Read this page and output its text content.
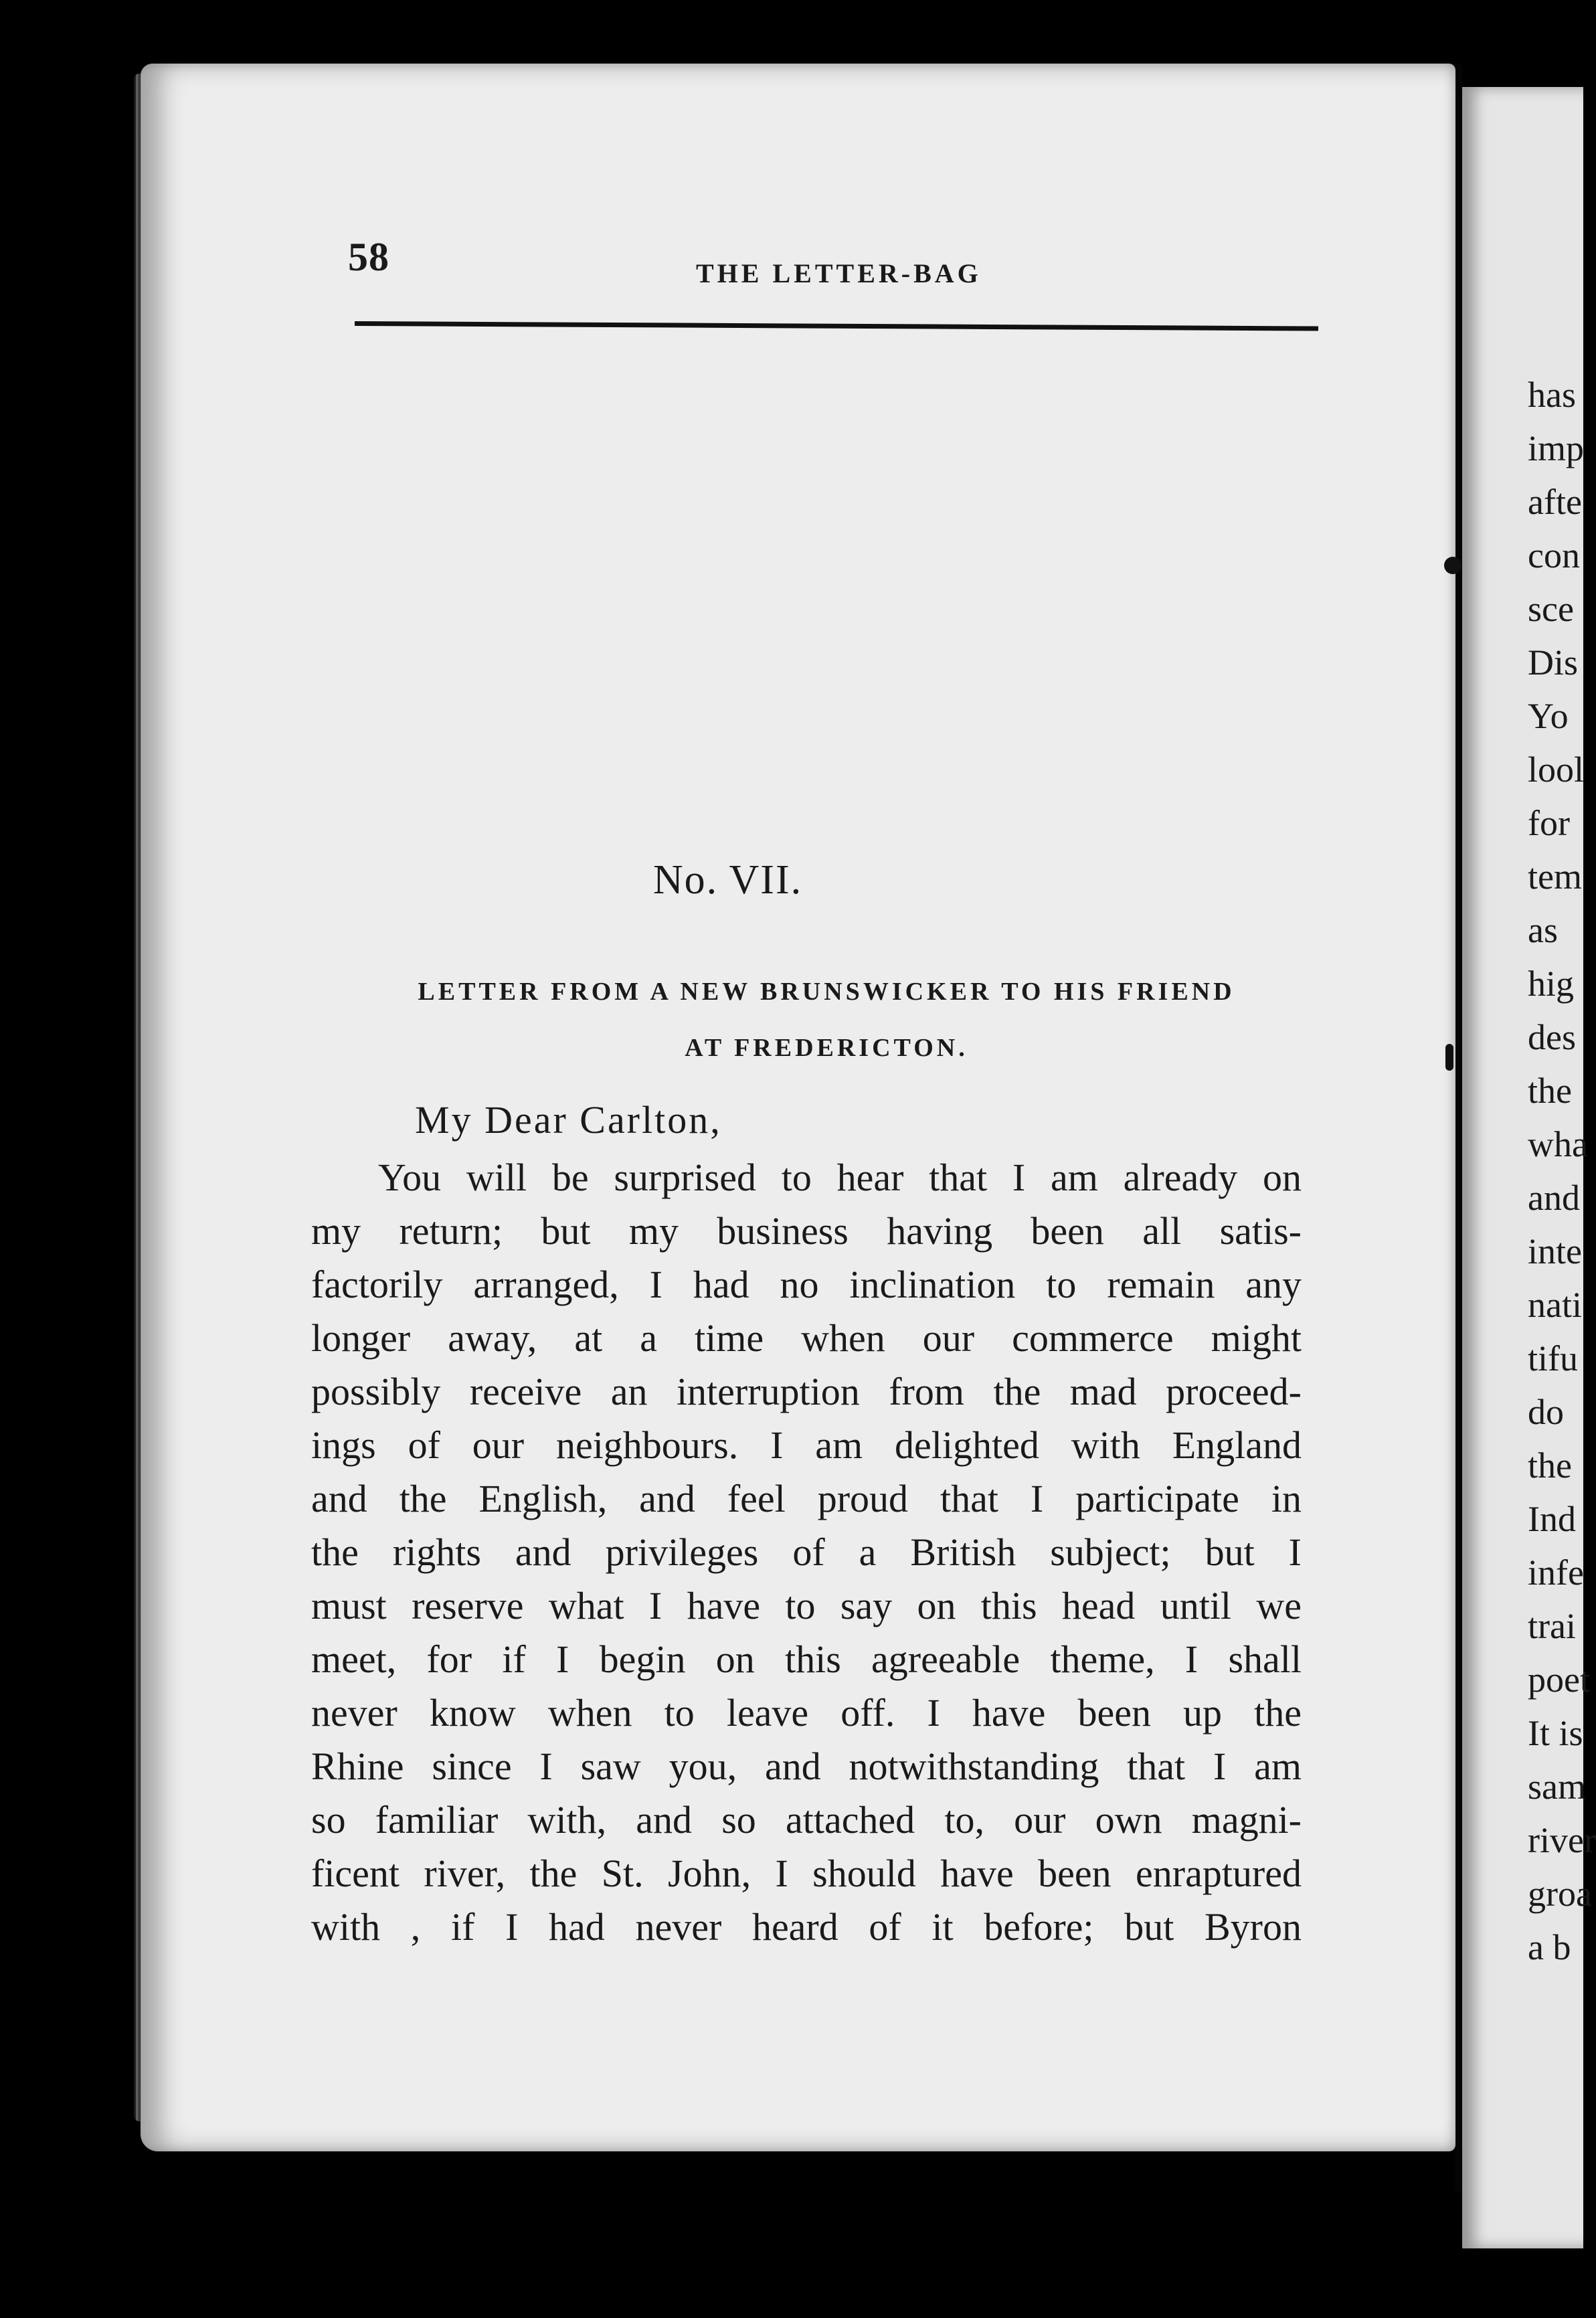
58	THE LETTER-BAG
No. VII.
LETTER FROM A NEW BRUNSWICKER TO HIS FRIEND
AT FREDERICTON.
My Dear Carlton,
You will be surprised to hear that I am already on
my return; but my business having been all satis-
factorily arranged, I had no inclination to remain any
longer away, at a time when our commerce might
possibly receive an interruption from the mad proceed-
ings of our neighbours. I am delighted with England
and the English, and feel proud that I participate in
the rights and privileges of a British subject; but I
must reserve what I have to say on this head until we
meet, for if I begin on this agreeable theme, I shall
never know when to leave off. I have been up the
Rhine since I saw you, and notwithstanding that I am
so familiar with, and so attached to, our own magni-
ficent river, the St. John, I should have been enraptured
with , if I had never heard of it before; but Byron
has
imp
afte
con
sce
Dis
Yo
lool
for
tem
as
hig
des
the
wha
and
inte
nati
tifu
do
the
Ind
infe
trai
poet
It is
sam
river
groa
a b
